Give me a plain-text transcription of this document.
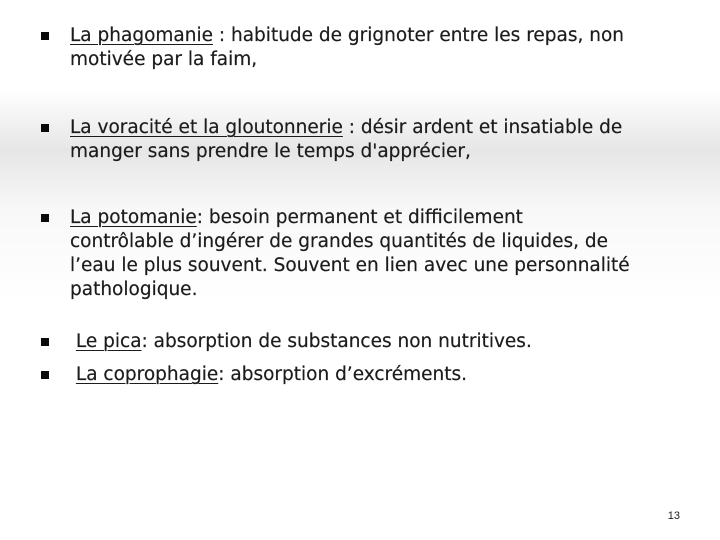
La phagomanie : habitude de grignoter entre les repas, non
motivée par la faim,
La voracité et la gloutonnerie : désir ardent et insatiable de
manger sans prendre le temps d'apprécier,
La potomanie: besoin permanent et difficilement
contrôlable d’ingérer de grandes quantités de liquides, de
l’eau le plus souvent. Souvent en lien avec une personnalité
pathologique.
Le pica: absorption de substances non nutritives.
La coprophagie: absorption d’excréments.
13
